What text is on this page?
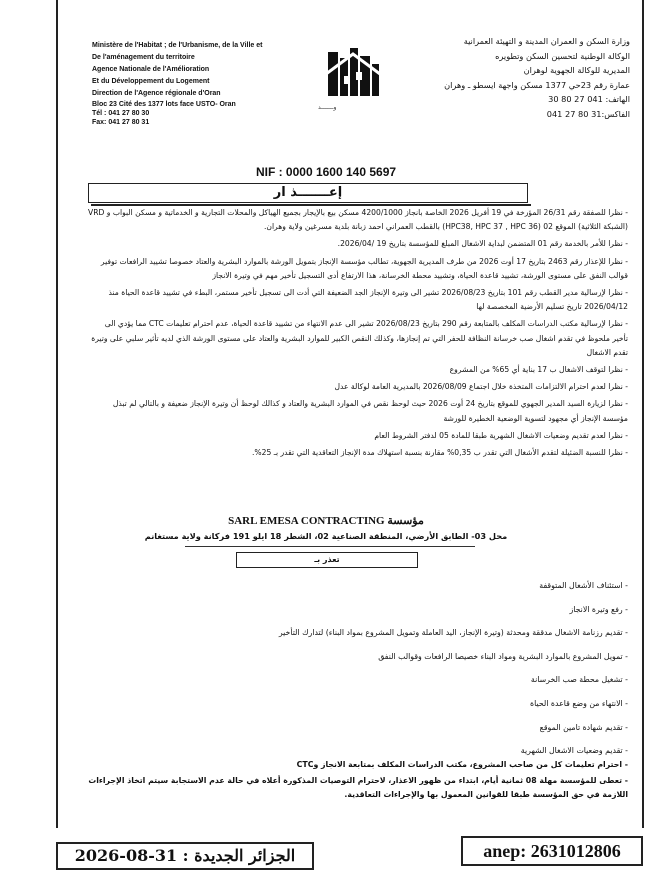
Ministère de l'Habitat ; de l'Urbanisme, de la Ville et
De l'aménagement du territoire
Agence Nationale de l'Amélioration
Et du Développement du Logement
Direction de l'Agence régionale d'Oran
Bloc 23 Cité des 1377 lots face USTO- Oran
Tél : 041 27 80 30
Fax: 041 27 80 31
وـــــــد
وزارة السكن و العمران المدينة و التهيئة العمرانية
الوكالة الوطنية لتحسين السكن وتطويره
المديرية للوكالة الجهوية لوهران
عمارة رقم 23حي 1377 مسكن واجهة ايسطو ـ وهران
الهاتف: 041 27 80 30
الفاكس:31 80 27 041
NIF : 0000 1600 140 5697
إعـــــــذ ار

- نظرا للصفقة رقم 26/31 المؤرخة في 19 أفريل 2026 الخاصة بانجاز 4200/1000 مسكن بيع بالإيجار بجميع الهياكل والمحلات التجارية و الخدماتية و مسكن البواب و VRD (الشبكة الثلاثية) الموقع 02 (HPC38, HPC 37 , HPC 36) بالقطب العمراني احمد زبانة بلدية مسرغين ولاية وهران.

- نظرا للأمر بالخدمة رقم 01 المتضمن لبداية الاشغال المبلغ للمؤسسة بتاريخ 19 /2026/04.

- نظرا للإعذار رقم 2463 بتاريخ 17 أوت 2026 من طرف المديرية الجهوية، تطالب مؤسسة الإنجاز بتمويل الورشة بالموارد البشرية والعتاد خصوصا تشييد الرافعات توفير قوالب النفق على مستوى الورشة، تشييد قاعدة الحياة، وتشييد محطة الخرسانة، هذا الارتفاع أدى التسجيل تأخير مهم في وتيرة الانجاز

- نظرا لإرسالية مدير القطب رقم 101 بتاريخ 2026/08/23 تشير الى وتيرة الإنجاز الجد الضعيفة التي أدت الى تسجيل تأخير مستمر، البطء في تشييد قاعدة الحياة منذ 2026/04/12 تاريخ تسليم الأرضية المخصصة لها

- نظرا لإرسالية مكتب الدراسات المكلف بالمتابعة رقم 290 بتاريخ 2026/08/23 تشير الى عدم الانتهاء من تشييد قاعدة الحياة، عدم احترام تعليمات CTC مما يؤدي الى تأخير ملحوظ في تقدم اشغال صب خرسانة النظافة للحفر التي تم إنجازها، وكذلك النقص الكبير للموارد البشرية والعتاد على مستوى الورشة الذي لديه تأثير سلبي على وتيرة تقدم الاشغال

- نظرا لتوقف الاشغال ب 17 بناية أي 65% من المشروع

- نظرا لعدم احترام الالتزامات المتخذة خلال اجتماع 2026/08/09 بالمديرية العامة لوكالة عدل

- نظرا لزيارة السيد المدير الجهوي للموقع بتاريخ 24 أوت 2026 حيث لوحظ نقص في الموارد البشرية والعتاد و كذالك لوحظ أن وتيرة الإنجاز ضعيفة و بالتالي لم تبذل مؤسسة الإنجاز أي مجهود لتسوية الوضعية الخطيرة للورشة

- نظرا لعدم تقديم وضعيات الاشغال الشهرية طبقا للمادة 05 لدفتر الشروط العام

- نظرا للنسبة الضئيلة لتقدم الأشغال التي تقدر ب 0,35% مقارنة بنسبة استهلاك مدة الإنجاز التعاقدية التي تقدر بـ 25%.

مؤسسة SARL EMESA CONTRACTING
محل 03- الطابق الأرضي، المنطقة الصناعية 02، الشطر 18 ايلو 191 فركانة ولاية مستغانم
تعذر بـ
- استئناف الأشغال المتوقفة
- رفع وتيرة الانجاز
- تقديم رزنامة الاشغال مدققة ومحدثة (وتيرة الإنجاز، اليد العاملة وتمويل المشروع بمواد البناء) لتدارك التأخير
- تمويل المشروع بالموارد البشرية ومواد البناء خصيصا الرافعات وقوالب النفق
- تشغيل محطة صب الخرسانة
- الانتهاء من وضع قاعدة الحياة
- تقديم شهادة تامين الموقع
- تقديم وضعيات الاشغال الشهرية

- احترام تعليمات كل من صاحب المشروع، مكتب الدراسات المكلف بمتابعة الانجاز وCTC

- تعطى للمؤسسة مهلة 08 ثمانية أيام، ابتداء من ظهور الاعذار، لاحترام التوصيات المذكورة أعلاه في حالة عدم الاستجابة سيتم اتخاذ الإجراءات اللازمة في حق المؤسسة طبقا للقوانين المعمول بها والإجراءات التعاقدية.

الجزائر الجديدة : 31-08-2026	anep: 2631012806
